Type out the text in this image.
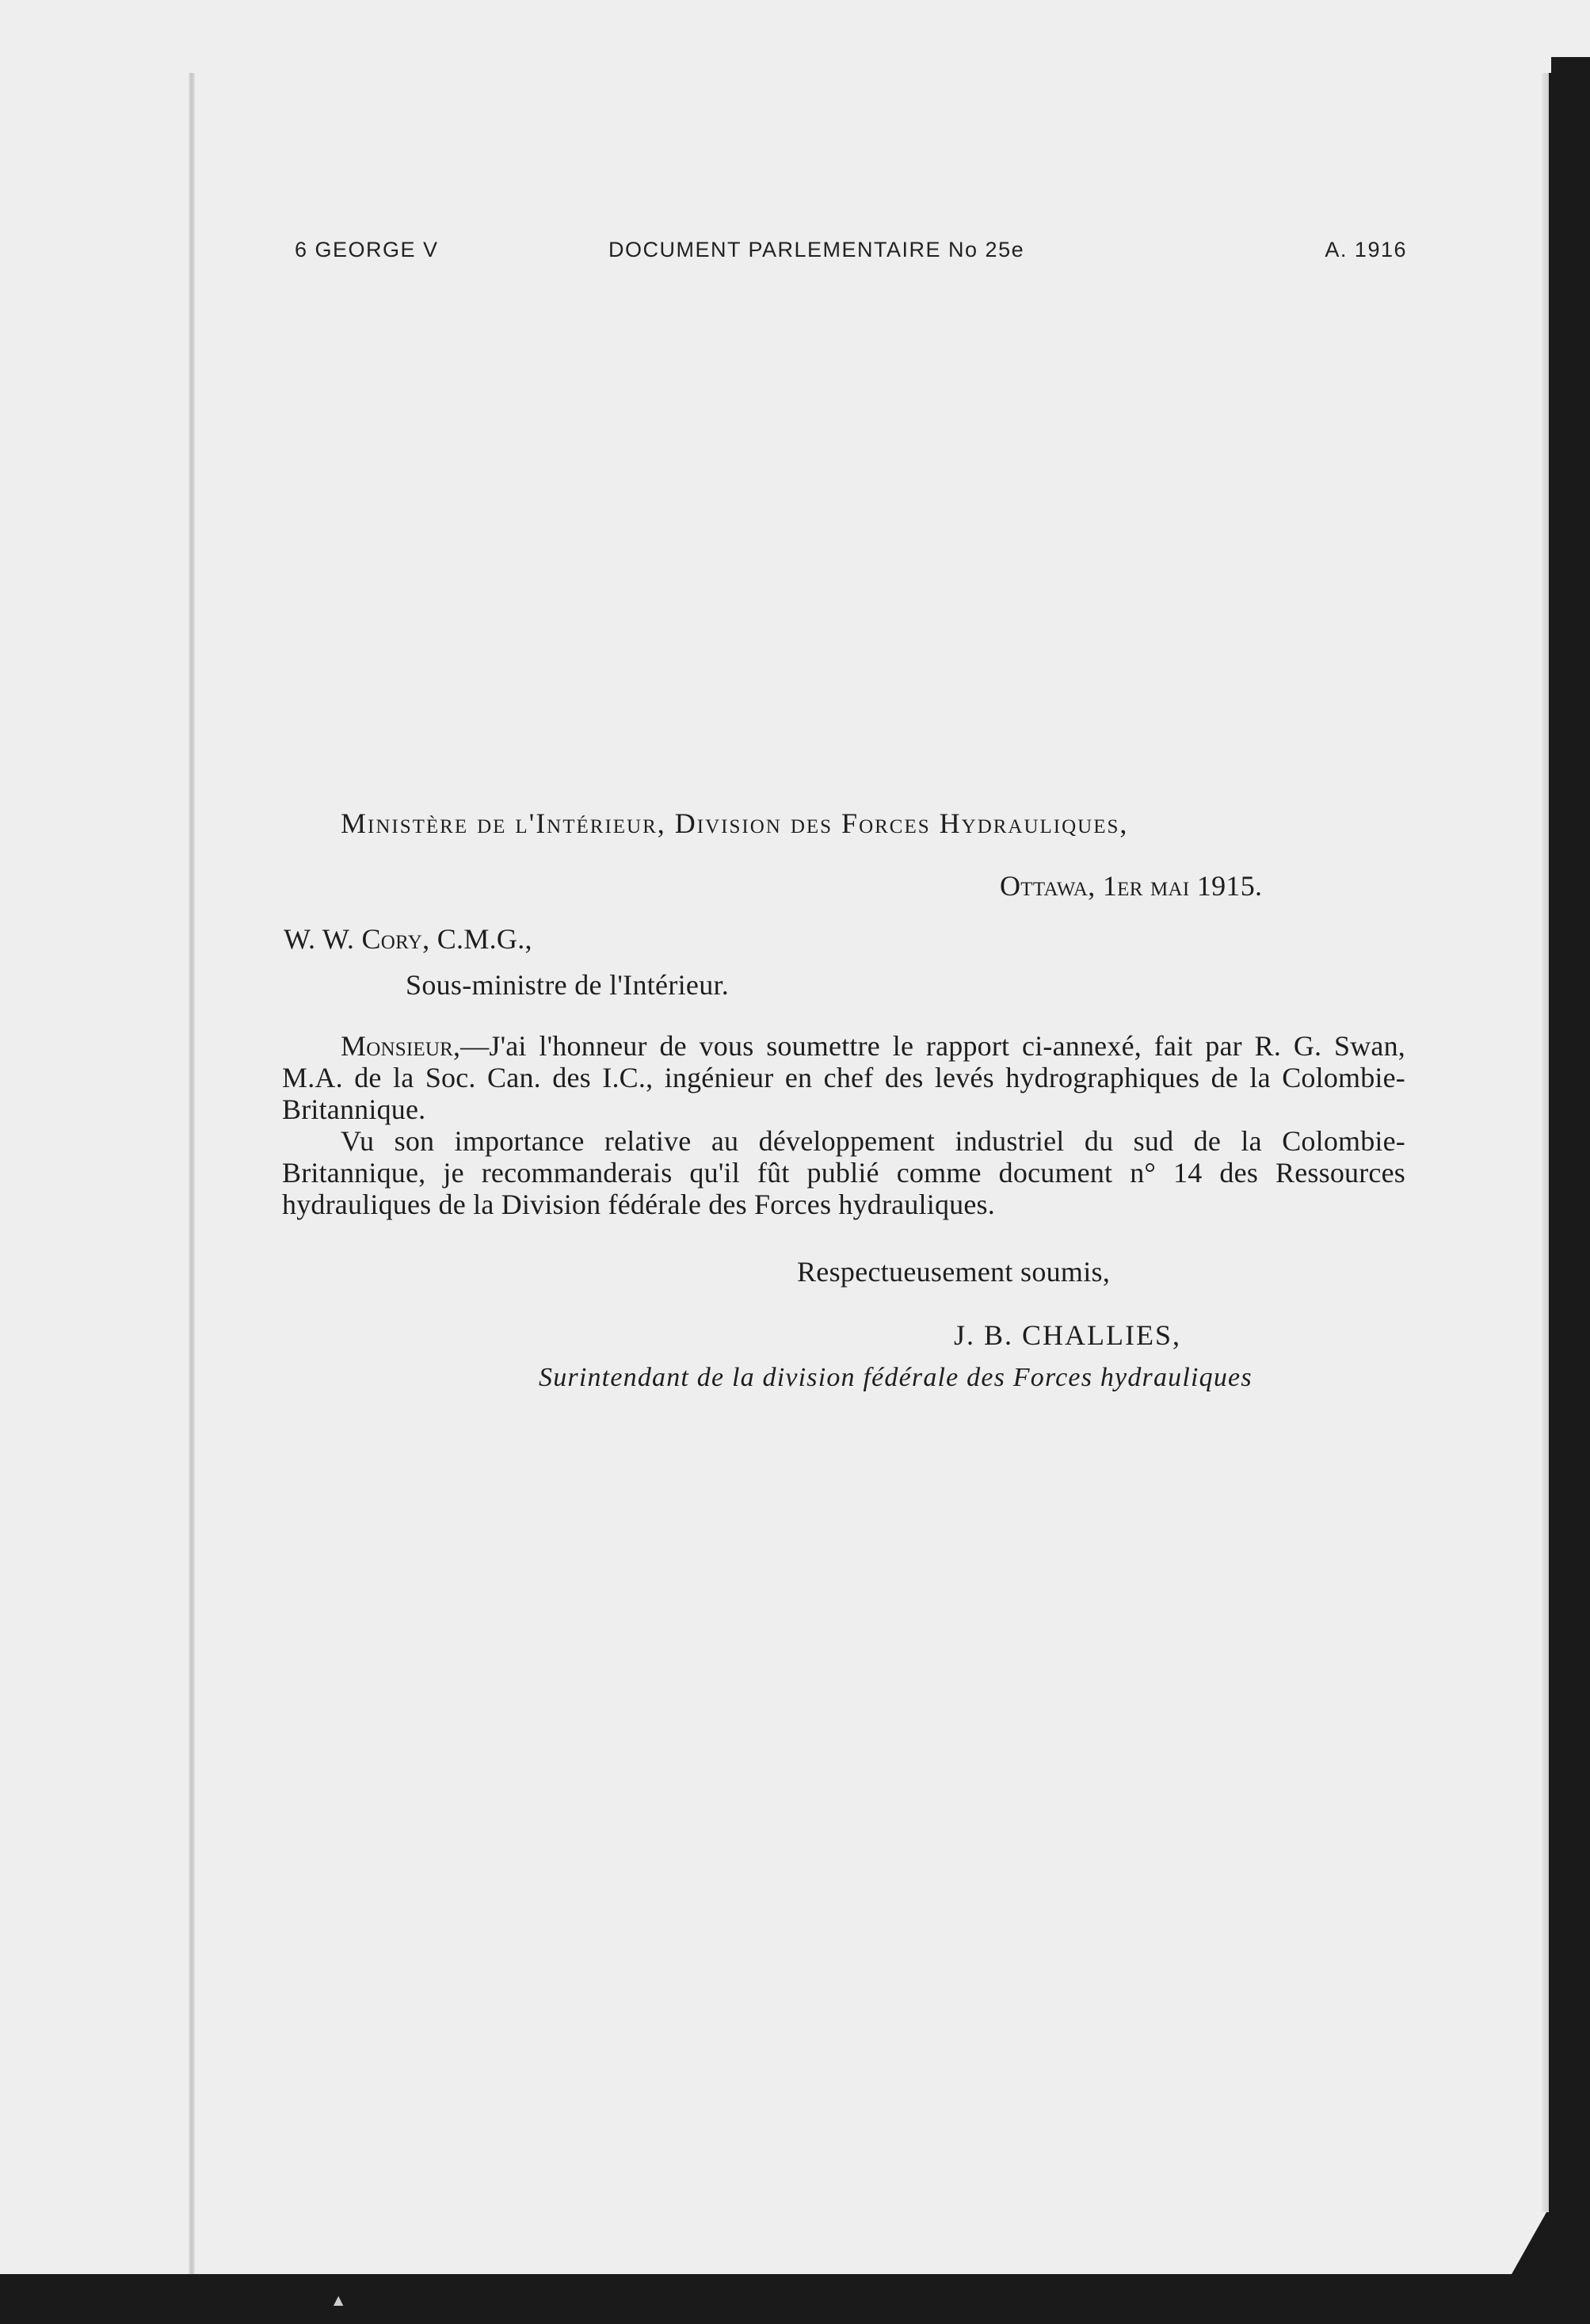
6 GEORGE V	DOCUMENT PARLEMENTAIRE No 25e	A. 1916
Ministère de l'Intérieur, Division des Forces Hydrauliques,
Ottawa, 1er mai 1915.
W. W. Cory, C.M.G.,
Sous-ministre de l'Intérieur.
Monsieur,—J'ai l'honneur de vous soumettre le rapport ci-annexé, fait par R. G. Swan, M.A. de la Soc. Can. des I.C., ingénieur en chef des levés hydrographiques de la Colombie-Britannique.
Vu son importance relative au développement industriel du sud de la Colombie-Britannique, je recommanderais qu'il fût publié comme document n° 14 des Ressources hydrauliques de la Division fédérale des Forces hydrauliques.
Respectueusement soumis,
J. B. CHALLIES,
Surintendant de la division fédérale des Forces hydrauliques
▲
